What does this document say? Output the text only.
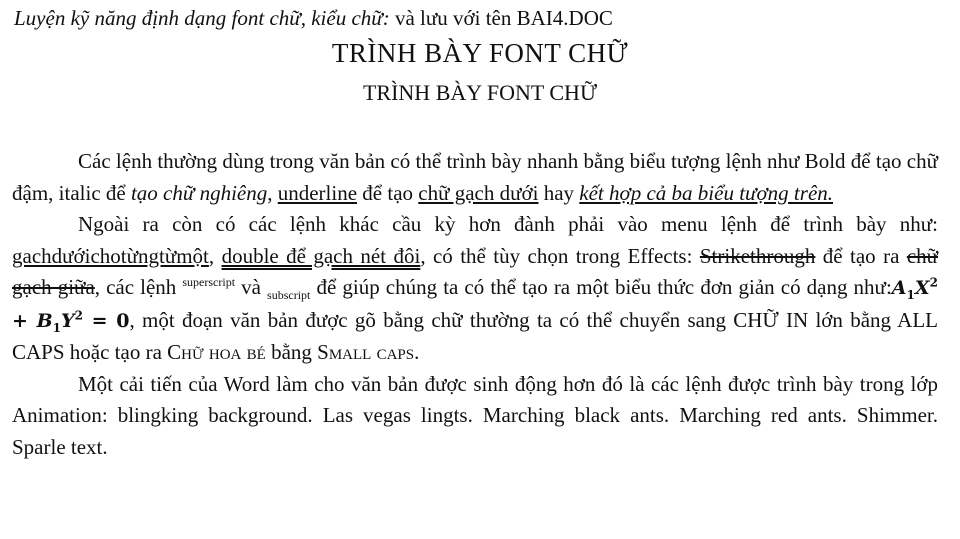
Luyện kỹ năng định dạng font chữ, kiểu chữ: và lưu với tên BAI4.DOC
TRÌNH BÀY FONT CHỮ
TRÌNH BÀY FONT CHỮ

Các lệnh thường dùng trong văn bản có thể trình bày nhanh bằng biểu tượng lệnh như Bold để tạo chữ đậm, italic để tạo chữ nghiêng, underline để tạo chữ gạch dưới hay kết hợp cả ba biểu tượng trên.

Ngoài ra còn có các lệnh khác cầu kỳ hơn đành phải vào menu lệnh để trình bày như: gachdướichotừngtừmột, double để gạch nét đôi, có thể tùy chọn trong Effects: Strikethrough để tạo ra chữ gạch giữa, các lệnh $^{superscript}$ và $_{subscript}$ để giúp chúng ta có thể tạo ra một biểu thức đơn giản có dạng $như:A_1X^2 + B_1Y^2 = 0$, một đoạn văn bản được gõ bằng chữ thường ta có thể chuyển sang CHỮ IN lớn bằng ALL CAPS hoặc tạo ra Chữ hoa bé bằng Small caps.

Một cải tiến của Word làm cho văn bản được sinh động hơn đó là các lệnh được trình bày trong lớp Animation: blingking background. Las vegas lingts. Marching black ants. Marching red ants. Shimmer. Sparle text.
